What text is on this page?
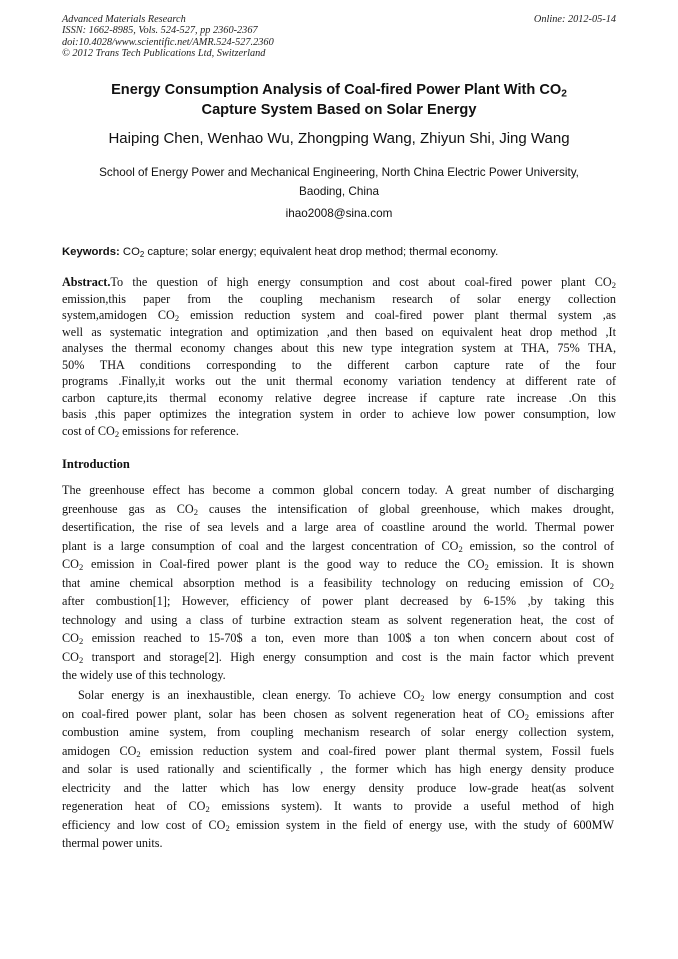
Advanced Materials Research
ISSN: 1662-8985, Vols. 524-527, pp 2360-2367
doi:10.4028/www.scientific.net/AMR.524-527.2360
© 2012 Trans Tech Publications Ltd, Switzerland
Online: 2012-05-14
Energy Consumption Analysis of Coal-fired Power Plant With $CO_2$
Capture System Based on Solar Energy
Haiping Chen, Wenhao Wu, Zhongping Wang, Zhiyun Shi, Jing Wang
School of Energy Power and Mechanical Engineering, North China Electric Power University,
Baoding, China
ihao2008@sina.com
Keywords: $CO_2$ capture; solar energy; equivalent heat drop method; thermal economy.
Abstract.To the question of high energy consumption and cost about coal-fired power plant $CO_2$
emission,this paper from the coupling mechanism research of solar energy collection
system,amidogen $CO_2$ emission reduction system and coal-fired power plant thermal system ,as
well as systematic integration and optimization ,and then based on equivalent heat drop method ,It
analyses the thermal economy changes about this new type integration system at THA, 75% THA,
50% THA conditions corresponding to the different carbon capture rate of the four
programs .Finally,it works out the unit thermal economy variation tendency at different rate of
carbon capture,its thermal economy relative degree increase if capture rate increase .On this
basis ,this paper optimizes the integration system in order to achieve low power consumption, low
cost of $CO_2$ emissions for reference.
Introduction
The greenhouse effect has become a common global concern today. A great number of discharging
greenhouse gas as $CO_2$ causes the intensification of global greenhouse, which makes drought,
desertification, the rise of sea levels and a large area of coastline around the world. Thermal power
plant is a large consumption of coal and the largest concentration of $CO_2$ emission, so the control of
$CO_2$ emission in Coal-fired power plant is the good way to reduce the $CO_2$ emission. It is shown
that amine chemical absorption method is a feasibility technology on reducing emission of $CO_2$
after combustion[1]; However, efficiency of power plant decreased by 6-15% ,by taking this
technology and using a class of turbine extraction steam as solvent regeneration heat, the cost of
$CO_2$ emission reached to 15-70$ a ton, even more than 100$ a ton when concern about cost of
$CO_2$ transport and storage[2]. High energy consumption and cost is the main factor which prevent
the widely use of this technology.
Solar energy is an inexhaustible, clean energy. To achieve $CO_2$ low energy consumption and cost
on coal-fired power plant, solar has been chosen as solvent regeneration heat of $CO_2$ emissions after
combustion amine system, from coupling mechanism research of solar energy collection system,
amidogen $CO_2$ emission reduction system and coal-fired power plant thermal system, Fossil fuels
and solar is used rationally and scientifically , the former which has high energy density produce
electricity and the latter which has low energy density produce low-grade heat(as solvent
regeneration heat of $CO_2$ emissions system). It wants to provide a useful method of high
efficiency and low cost of $CO_2$ emission system in the field of energy use, with the study of 600MW
thermal power units.
